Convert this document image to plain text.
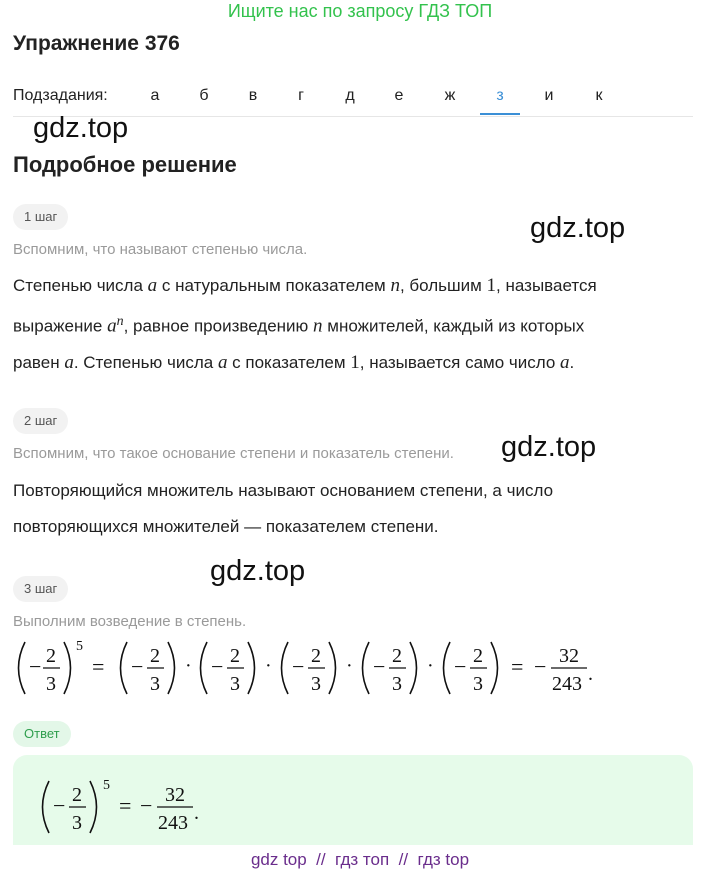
Ищите нас по запросу ГДЗ ТОП
Упражнение 376
Подзадания:	а	б	в	г	д	е	ж	з	и	к
gdz.top
Подробное решение
1 шаг	gdz.top
Вспомним, что называют степенью числа.
Степенью числа a с натуральным показателем n, большим 1, называется
выражение $a^n$, равное произведению n множителей, каждый из которых
равен a. Степенью числа a с показателем 1, называется само число a.
2 шаг
Вспомним, что такое основание степени и показатель степени. gdz.top
Повторяющийся множитель называют основанием степени, а число
повторяющихся множителей — показателем степени.
3 шаг
gdz.top
Выполним возведение в степень.
− 2
3
5
= − 2
3
· − 2
3
· − 2
3
· − 2
3
· − 2
3
= − 32
243 .
Ответ
− 2
3
5
= − 32
243 .
gdz top  //  гдз топ  //  гдз top
